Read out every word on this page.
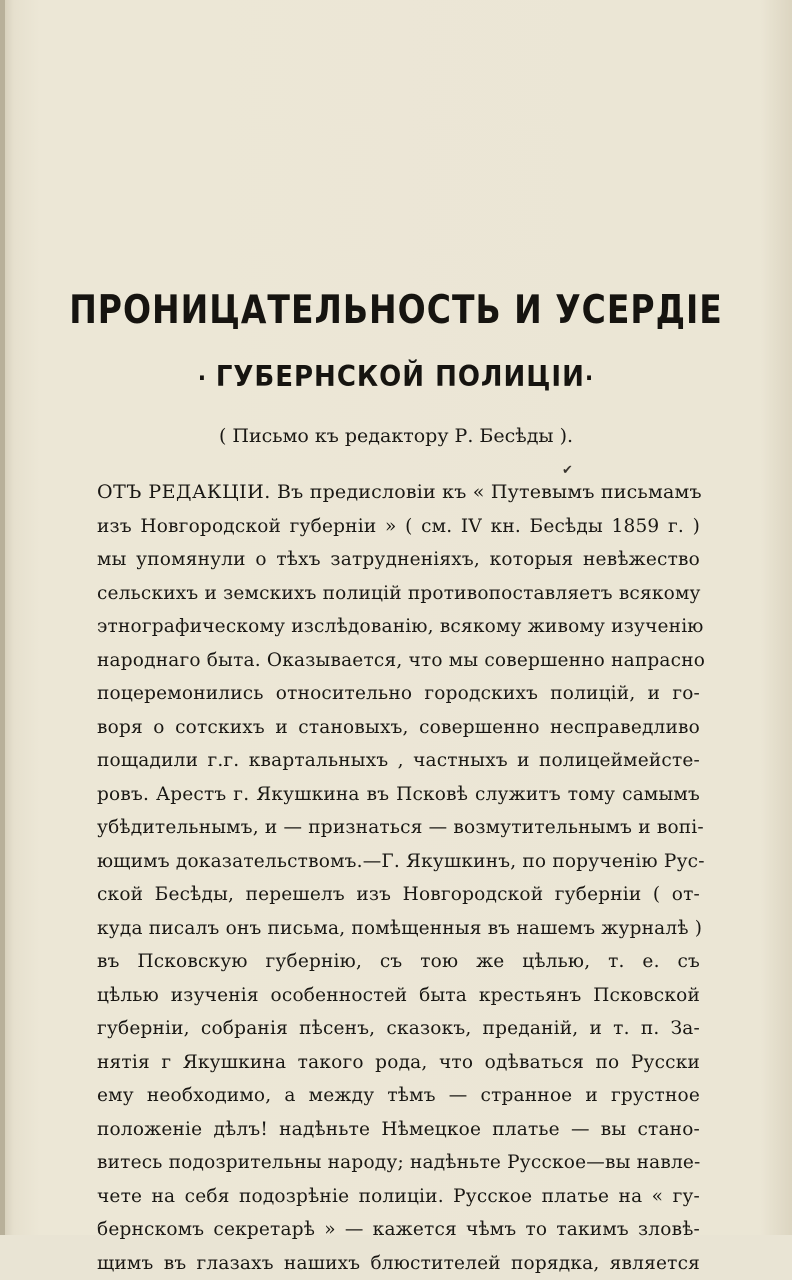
ПРОНИЦАТЕЛЬНОСТЬ И УСЕРДІЕ
· ГУБЕРНСКОЙ ПОЛИЦІИ·
( Письмо къ редактору Р. Бесѣды ).
✔
ОТЪ РЕДАКЦІИ. Въ предисловіи къ « Путевымъ письмамъ
изъ Новгородской губерніи » ( см. IV кн. Бесѣды 1859 г. )
мы упомянули о тѣхъ затрудненіяхъ, которыя невѣжество
сельскихъ и земскихъ полицій противопоставляетъ всякому
этнографическому изслѣдованію, всякому живому изученію
народнаго быта. Оказывается, что мы совершенно напрасно
поцеремонились относительно городскихъ полицій, и го-
воря о сотскихъ и становыхъ, совершенно несправедливо
пощадили г.г. квартальныхъ , частныхъ и полицеймейсте-
ровъ. Арестъ г. Якушкина въ Псковѣ служитъ тому самымъ
убѣдительнымъ, и — признаться — возмутительнымъ и вопі-
ющимъ доказательствомъ.—Г. Якушкинъ, по порученію Рус-
ской Бесѣды, перешелъ изъ Новгородской губерніи ( от-
куда писалъ онъ письма, помѣщенныя въ нашемъ журналѣ )
въ Псковскую губернію, съ тою же цѣлью, т. е. съ
цѣлью изученія особенностей быта крестьянъ Псковской
губерніи, собранія пѣсенъ, сказокъ, преданій, и т. п. За-
нятія г Якушкина такого рода, что одѣваться по Русски
ему необходимо, а между тѣмъ — странное и грустное
положеніе дѣлъ! надѣньте Нѣмецкое платье — вы стано-
витесь подозрительны народу; надѣньте Русское—вы навле-
чете на себя подозрѣніе полиціи. Русское платье на « гу-
бернскомъ секретарѣ » — кажется чѣмъ то такимъ зловѣ-
щимъ въ глазахъ нашихъ блюстителей порядка, является
